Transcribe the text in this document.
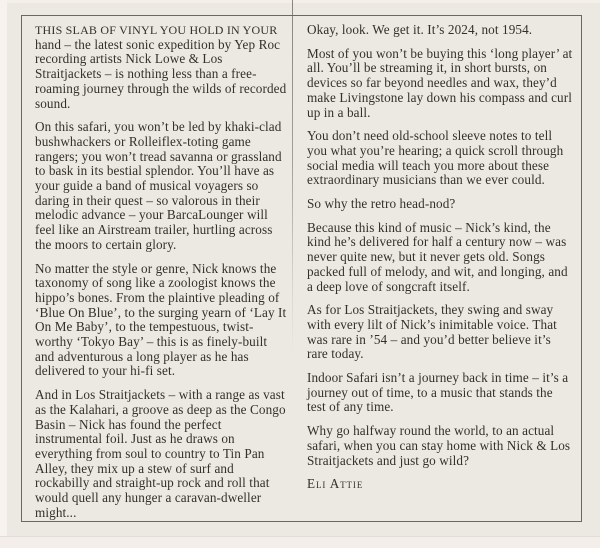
THIS SLAB OF VINYL YOU HOLD IN YOUR hand – the latest sonic expedition by Yep Roc recording artists Nick Lowe & Los Straitjackets – is nothing less than a free-roaming journey through the wilds of recorded sound.

On this safari, you won’t be led by khaki-clad bushwhackers or Rolleiflex-toting game rangers; you won’t tread savanna or grassland to bask in its bestial splendor. You’ll have as your guide a band of musical voyagers so daring in their quest – so valorous in their melodic advance – your BarcaLounger will feel like an Airstream trailer, hurtling across the moors to certain glory.

No matter the style or genre, Nick knows the taxonomy of song like a zoologist knows the hippo’s bones. From the plaintive pleading of ‘Blue On Blue’, to the surging yearn of ‘Lay It On Me Baby’, to the tempestuous, twist-worthy ‘Tokyo Bay’ – this is as finely-built and adventurous a long player as he has delivered to your hi-fi set.

And in Los Straitjackets – with a range as vast as the Kalahari, a groove as deep as the Congo Basin – Nick has found the perfect instrumental foil. Just as he draws on everything from soul to country to Tin Pan Alley, they mix up a stew of surf and rockabilly and straight-up rock and roll that would quell any hunger a caravan-dweller might...

Okay, look. We get it. It’s 2024, not 1954.

Most of you won’t be buying this ‘long player’ at all. You’ll be streaming it, in short bursts, on devices so far beyond needles and wax, they’d make Livingstone lay down his compass and curl up in a ball.

You don’t need old-school sleeve notes to tell you what you’re hearing; a quick scroll through social media will teach you more about these extraordinary musicians than we ever could.

So why the retro head-nod?

Because this kind of music – Nick’s kind, the kind he’s delivered for half a century now – was never quite new, but it never gets old. Songs packed full of melody, and wit, and longing, and a deep love of songcraft itself.

As for Los Straitjackets, they swing and sway with every lilt of Nick’s inimitable voice. That was rare in ’54 – and you’d better believe it’s rare today.

Indoor Safari isn’t a journey back in time – it’s a journey out of time, to a music that stands the test of any time.

Why go halfway round the world, to an actual safari, when you can stay home with Nick & Los Straitjackets and just go wild?

Eli Attie
